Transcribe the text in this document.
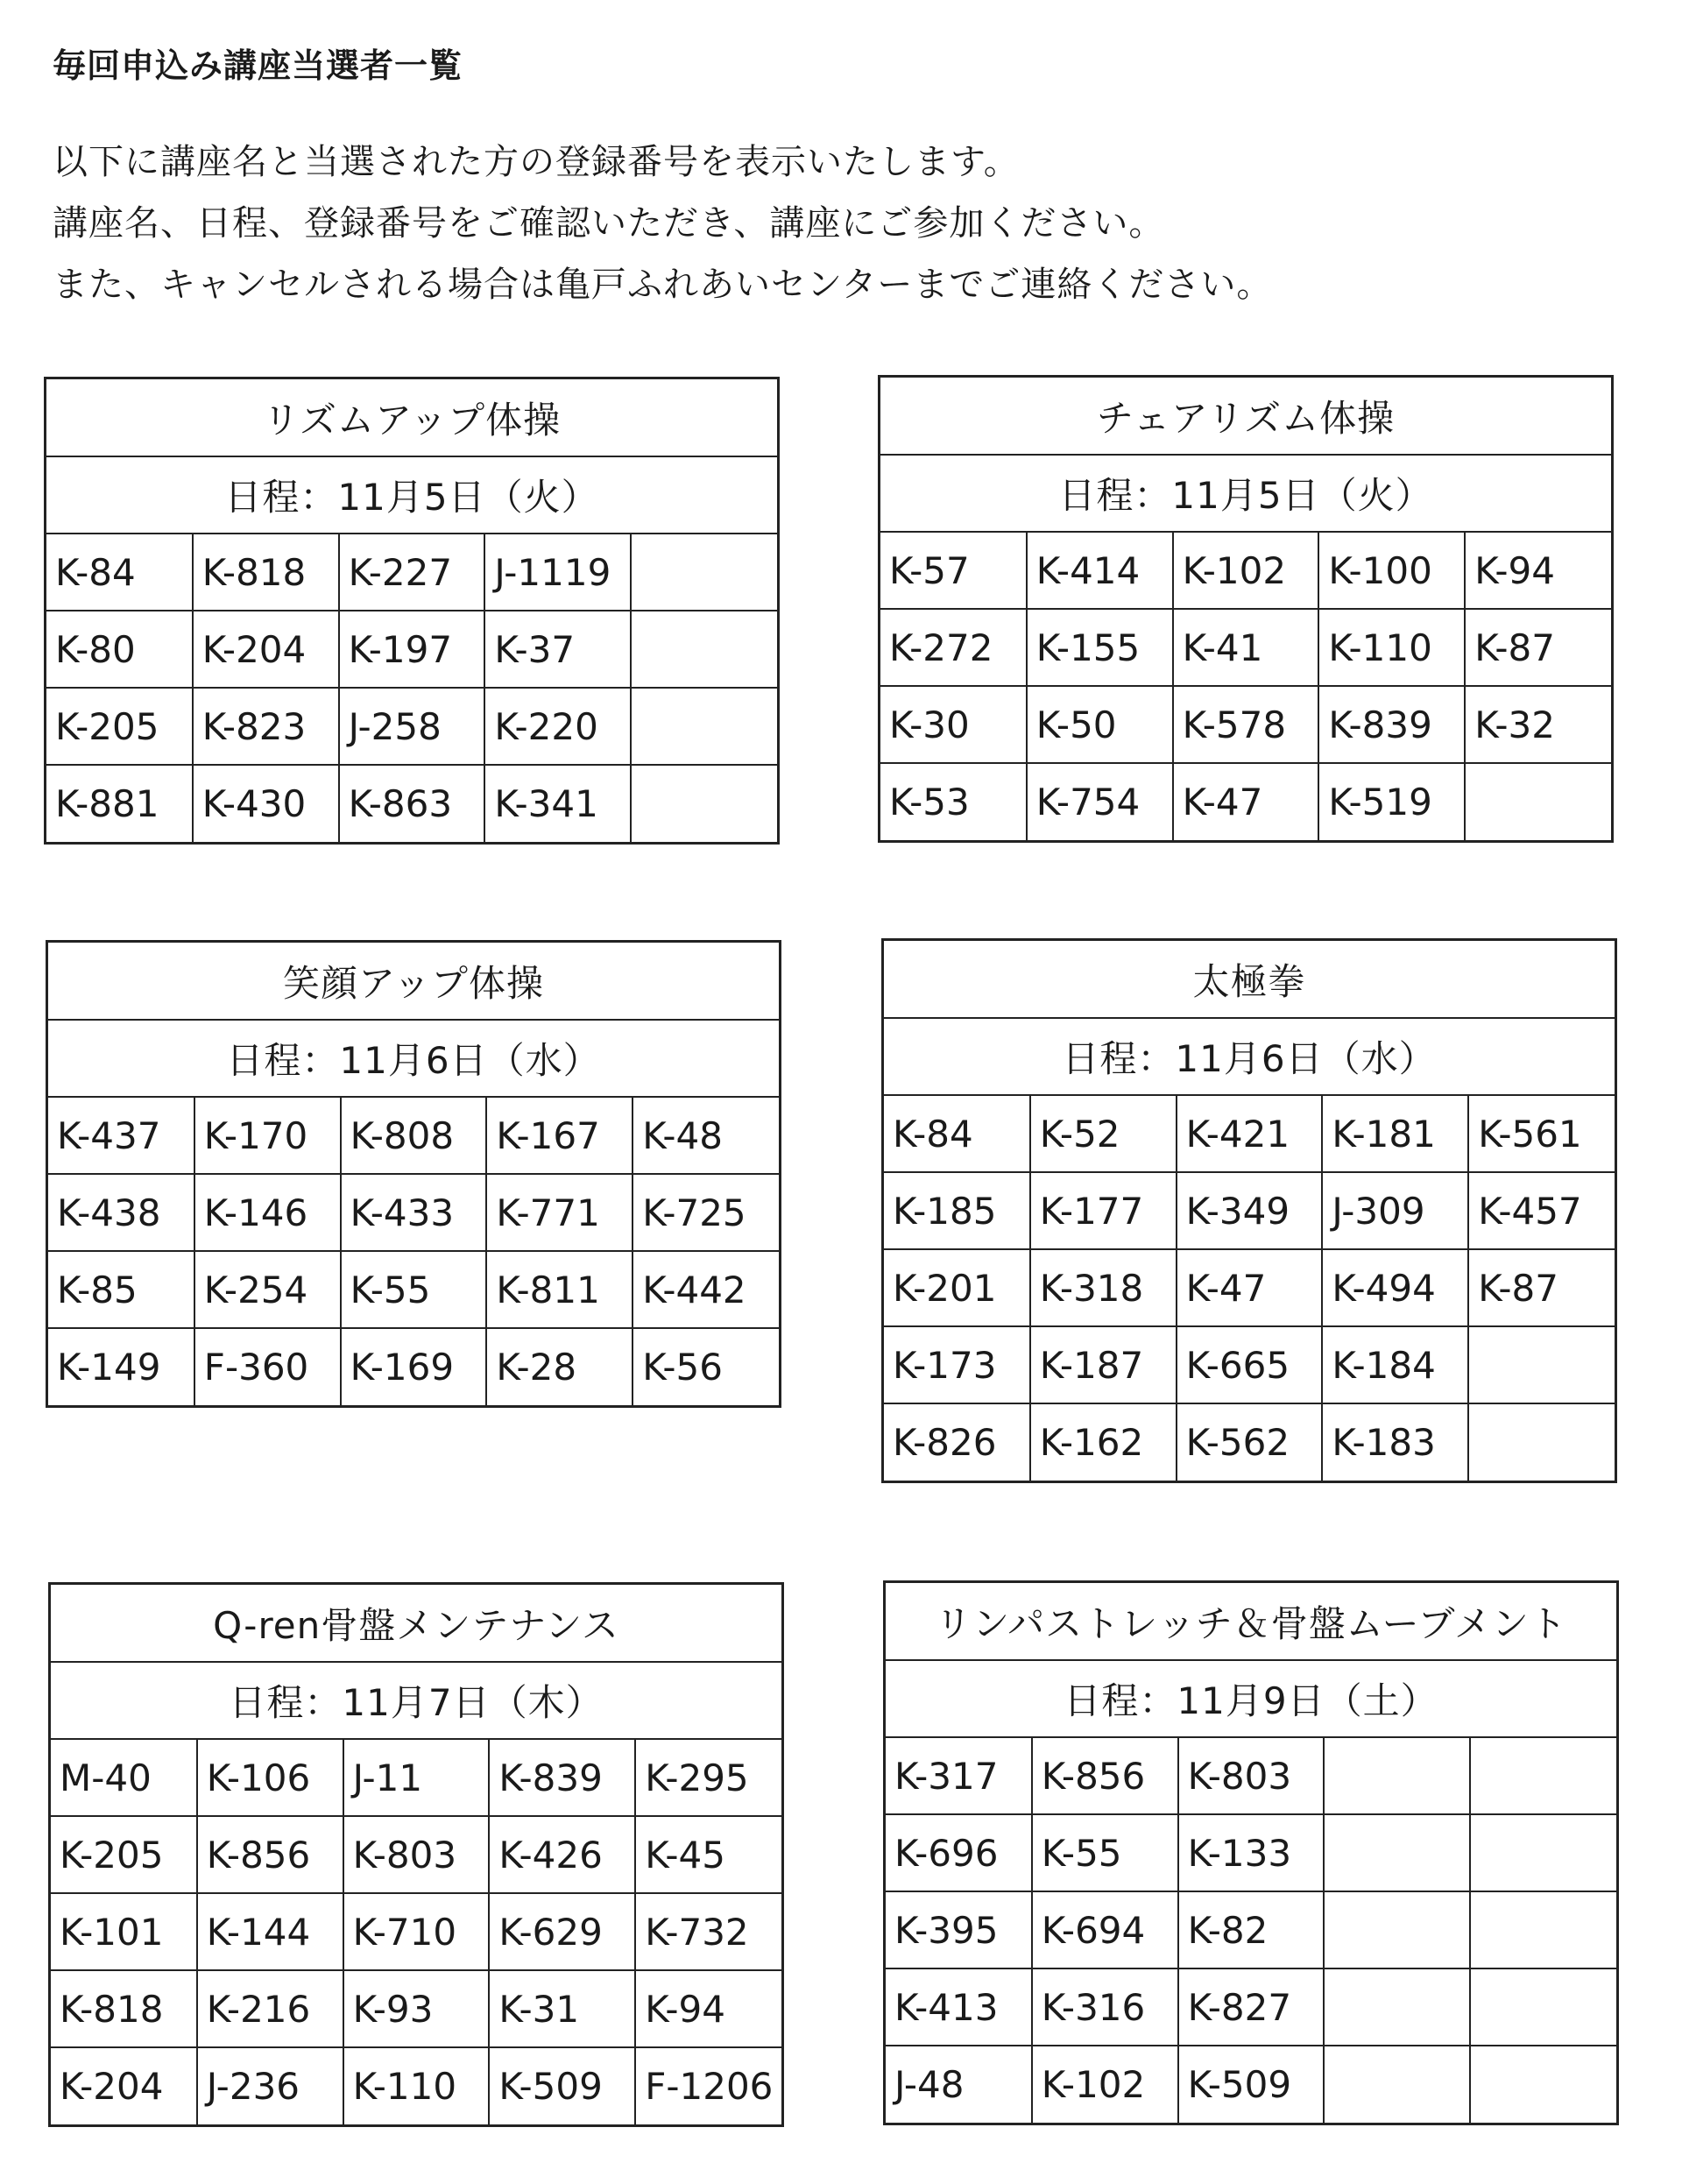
毎回申込み講座当選者一覧
以下に講座名と当選された方の登録番号を表示いたします。
講座名、日程、登録番号をご確認いただき、講座にご参加ください。
また、キャンセルされる場合は亀戸ふれあいセンターまでご連絡ください。
リズムアップ体操				
日程：11月5日（火）				
K-84	K-818	K-227	J-1119	
K-80	K-204	K-197	K-37	
K-205	K-823	J-258	K-220	
K-881	K-430	K-863	K-341	
チェアリズム体操				
日程：11月5日（火）				
K-57	K-414	K-102	K-100	K-94
K-272	K-155	K-41	K-110	K-87
K-30	K-50	K-578	K-839	K-32
K-53	K-754	K-47	K-519	
笑顔アップ体操				
日程：11月6日（水）				
K-437	K-170	K-808	K-167	K-48
K-438	K-146	K-433	K-771	K-725
K-85	K-254	K-55	K-811	K-442
K-149	F-360	K-169	K-28	K-56
太極拳				
日程：11月6日（水）				
K-84	K-52	K-421	K-181	K-561
K-185	K-177	K-349	J-309	K-457
K-201	K-318	K-47	K-494	K-87
K-173	K-187	K-665	K-184	
K-826	K-162	K-562	K-183	
Q-ren骨盤メンテナンス				
日程：11月7日（木）				
M-40	K-106	J-11	K-839	K-295
K-205	K-856	K-803	K-426	K-45
K-101	K-144	K-710	K-629	K-732
K-818	K-216	K-93	K-31	K-94
K-204	J-236	K-110	K-509	F-1206
リンパストレッチ＆骨盤ムーブメント				
日程：11月9日（土）				
K-317	K-856	K-803		
K-696	K-55	K-133		
K-395	K-694	K-82		
K-413	K-316	K-827		
J-48	K-102	K-509		
